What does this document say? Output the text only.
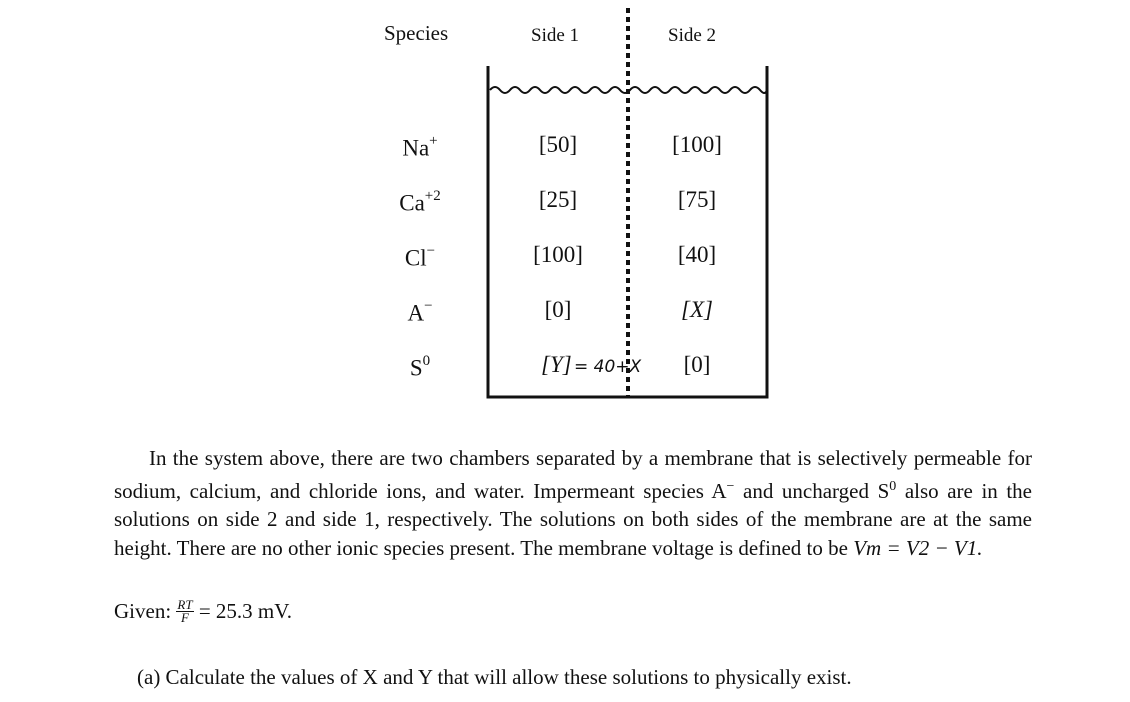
Species	Side 1	Side 2
Na+
$Ca^{+2}$
Cl−
A−
$S^0$
[50]
[25]
[100]
[0]
[Y] = 40+X
[100]
[75]
[40]
[X]
[0]
In the system above, there are two chambers separated by a membrane that is selectively permeable for sodium, calcium, and chloride ions, and water. Impermeant species A− and uncharged $S^0$ also are in the solutions on side 2 and side 1, respectively. The solutions on both sides of the membrane are at the same height. There are no other ionic species present. The membrane voltage is defined to be Vm = V2 − V1.
Given: $\frac{RT}{F} = 25.3$ mV.
(a) Calculate the values of X and Y that will allow these solutions to physically exist.
